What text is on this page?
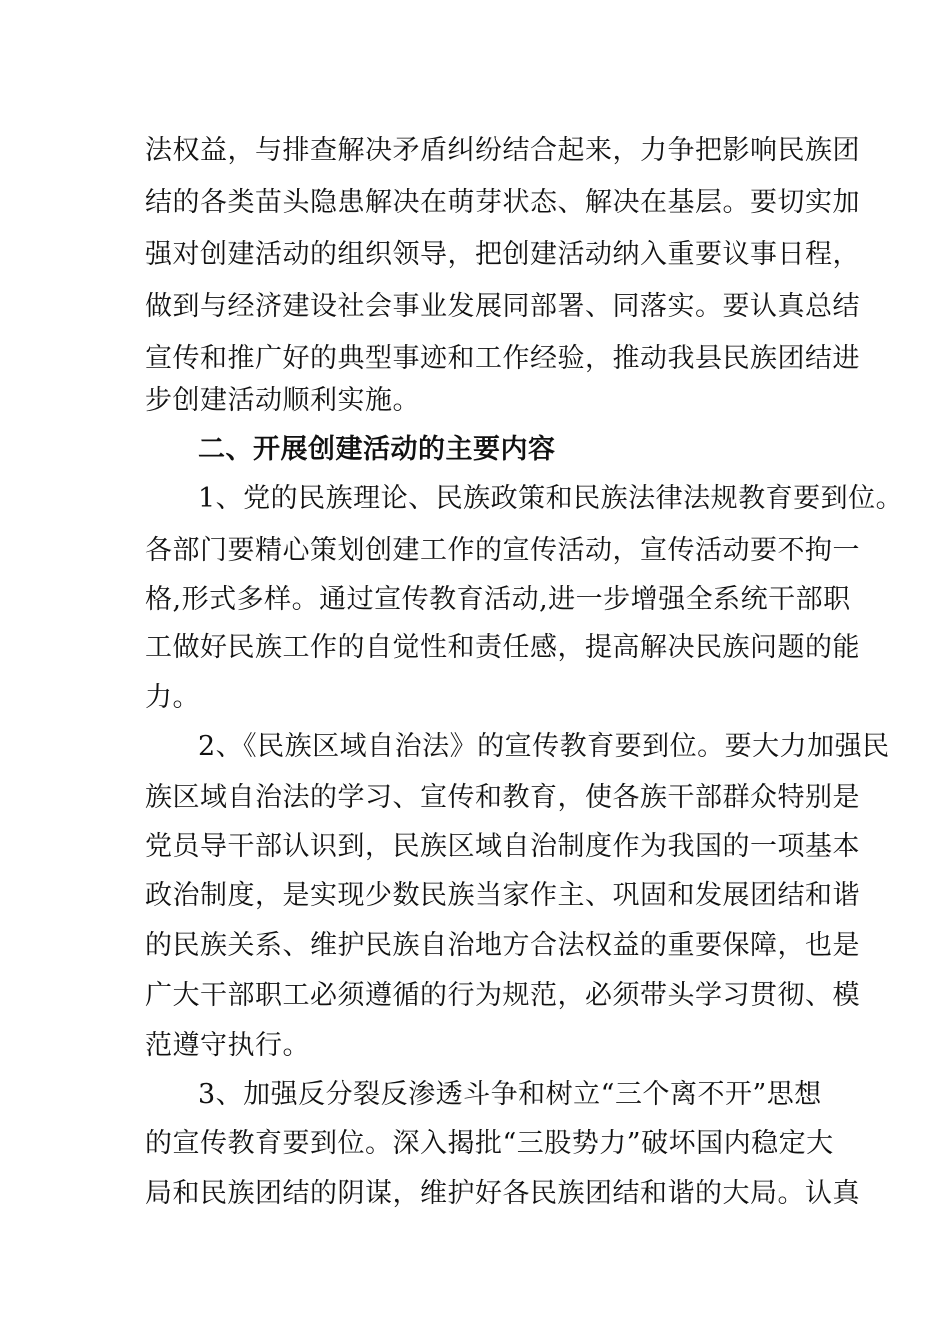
法权益，与排查解决矛盾纠纷结合起来，力争把影响民族团
结的各类苗头隐患解决在萌芽状态、解决在基层。要切实加
强对创建活动的组织领导，把创建活动纳入重要议事日程，
做到与经济建设社会事业发展同部署、同落实。要认真总结
宣传和推广好的典型事迹和工作经验，推动我县民族团结进
步创建活动顺利实施。
二、开展创建活动的主要内容
1、党的民族理论、民族政策和民族法律法规教育要到位。
各部门要精心策划创建工作的宣传活动，宣传活动要不拘一
格,形式多样。通过宣传教育活动,进一步增强全系统干部职
工做好民族工作的自觉性和责任感，提高解决民族问题的能
力。
2、《民族区域自治法》的宣传教育要到位。要大力加强民
族区域自治法的学习、宣传和教育，使各族干部群众特别是
党员导干部认识到，民族区域自治制度作为我国的一项基本
政治制度，是实现少数民族当家作主、巩固和发展团结和谐
的民族关系、维护民族自治地方合法权益的重要保障，也是
广大干部职工必须遵循的行为规范，必须带头学习贯彻、模
范遵守执行。
3、加强反分裂反渗透斗争和树立“三个离不开”思想
的宣传教育要到位。深入揭批“三股势力”破坏国内稳定大
局和民族团结的阴谋，维护好各民族团结和谐的大局。认真
